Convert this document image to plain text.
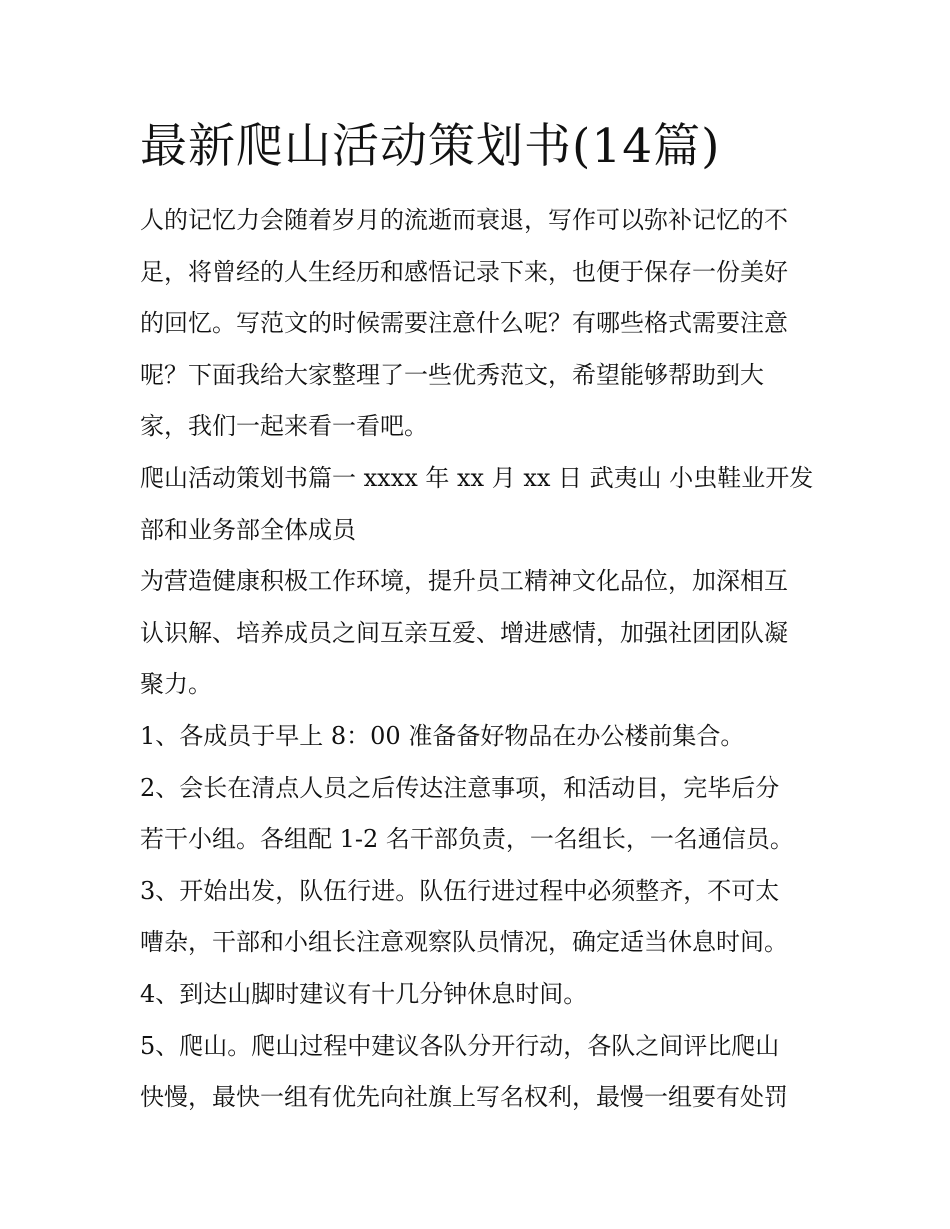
最新爬山活动策划书(14篇)

人的记忆力会随着岁月的流逝而衰退，写作可以弥补记忆的不
足，将曾经的人生经历和感悟记录下来，也便于保存一份美好
的回忆。写范文的时候需要注意什么呢？有哪些格式需要注意
呢？下面我给大家整理了一些优秀范文，希望能够帮助到大
家，我们一起来看一看吧。

爬山活动策划书篇一 xxxx 年 xx 月 xx 日 武夷山 小虫鞋业开发
部和业务部全体成员

为营造健康积极工作环境，提升员工精神文化品位，加深相互
认识解、培养成员之间互亲互爱、增进感情，加强社团团队凝
聚力。

1、各成员于早上 8：00 准备备好物品在办公楼前集合。

2、会长在清点人员之后传达注意事项，和活动目，完毕后分
若干小组。各组配 1-2 名干部负责，一名组长，一名通信员。

3、开始出发，队伍行进。队伍行进过程中必须整齐，不可太
嘈杂，干部和小组长注意观察队员情况，确定适当休息时间。

4、到达山脚时建议有十几分钟休息时间。

5、爬山。爬山过程中建议各队分开行动，各队之间评比爬山
快慢，最快一组有优先向社旗上写名权利，最慢一组要有处罚
